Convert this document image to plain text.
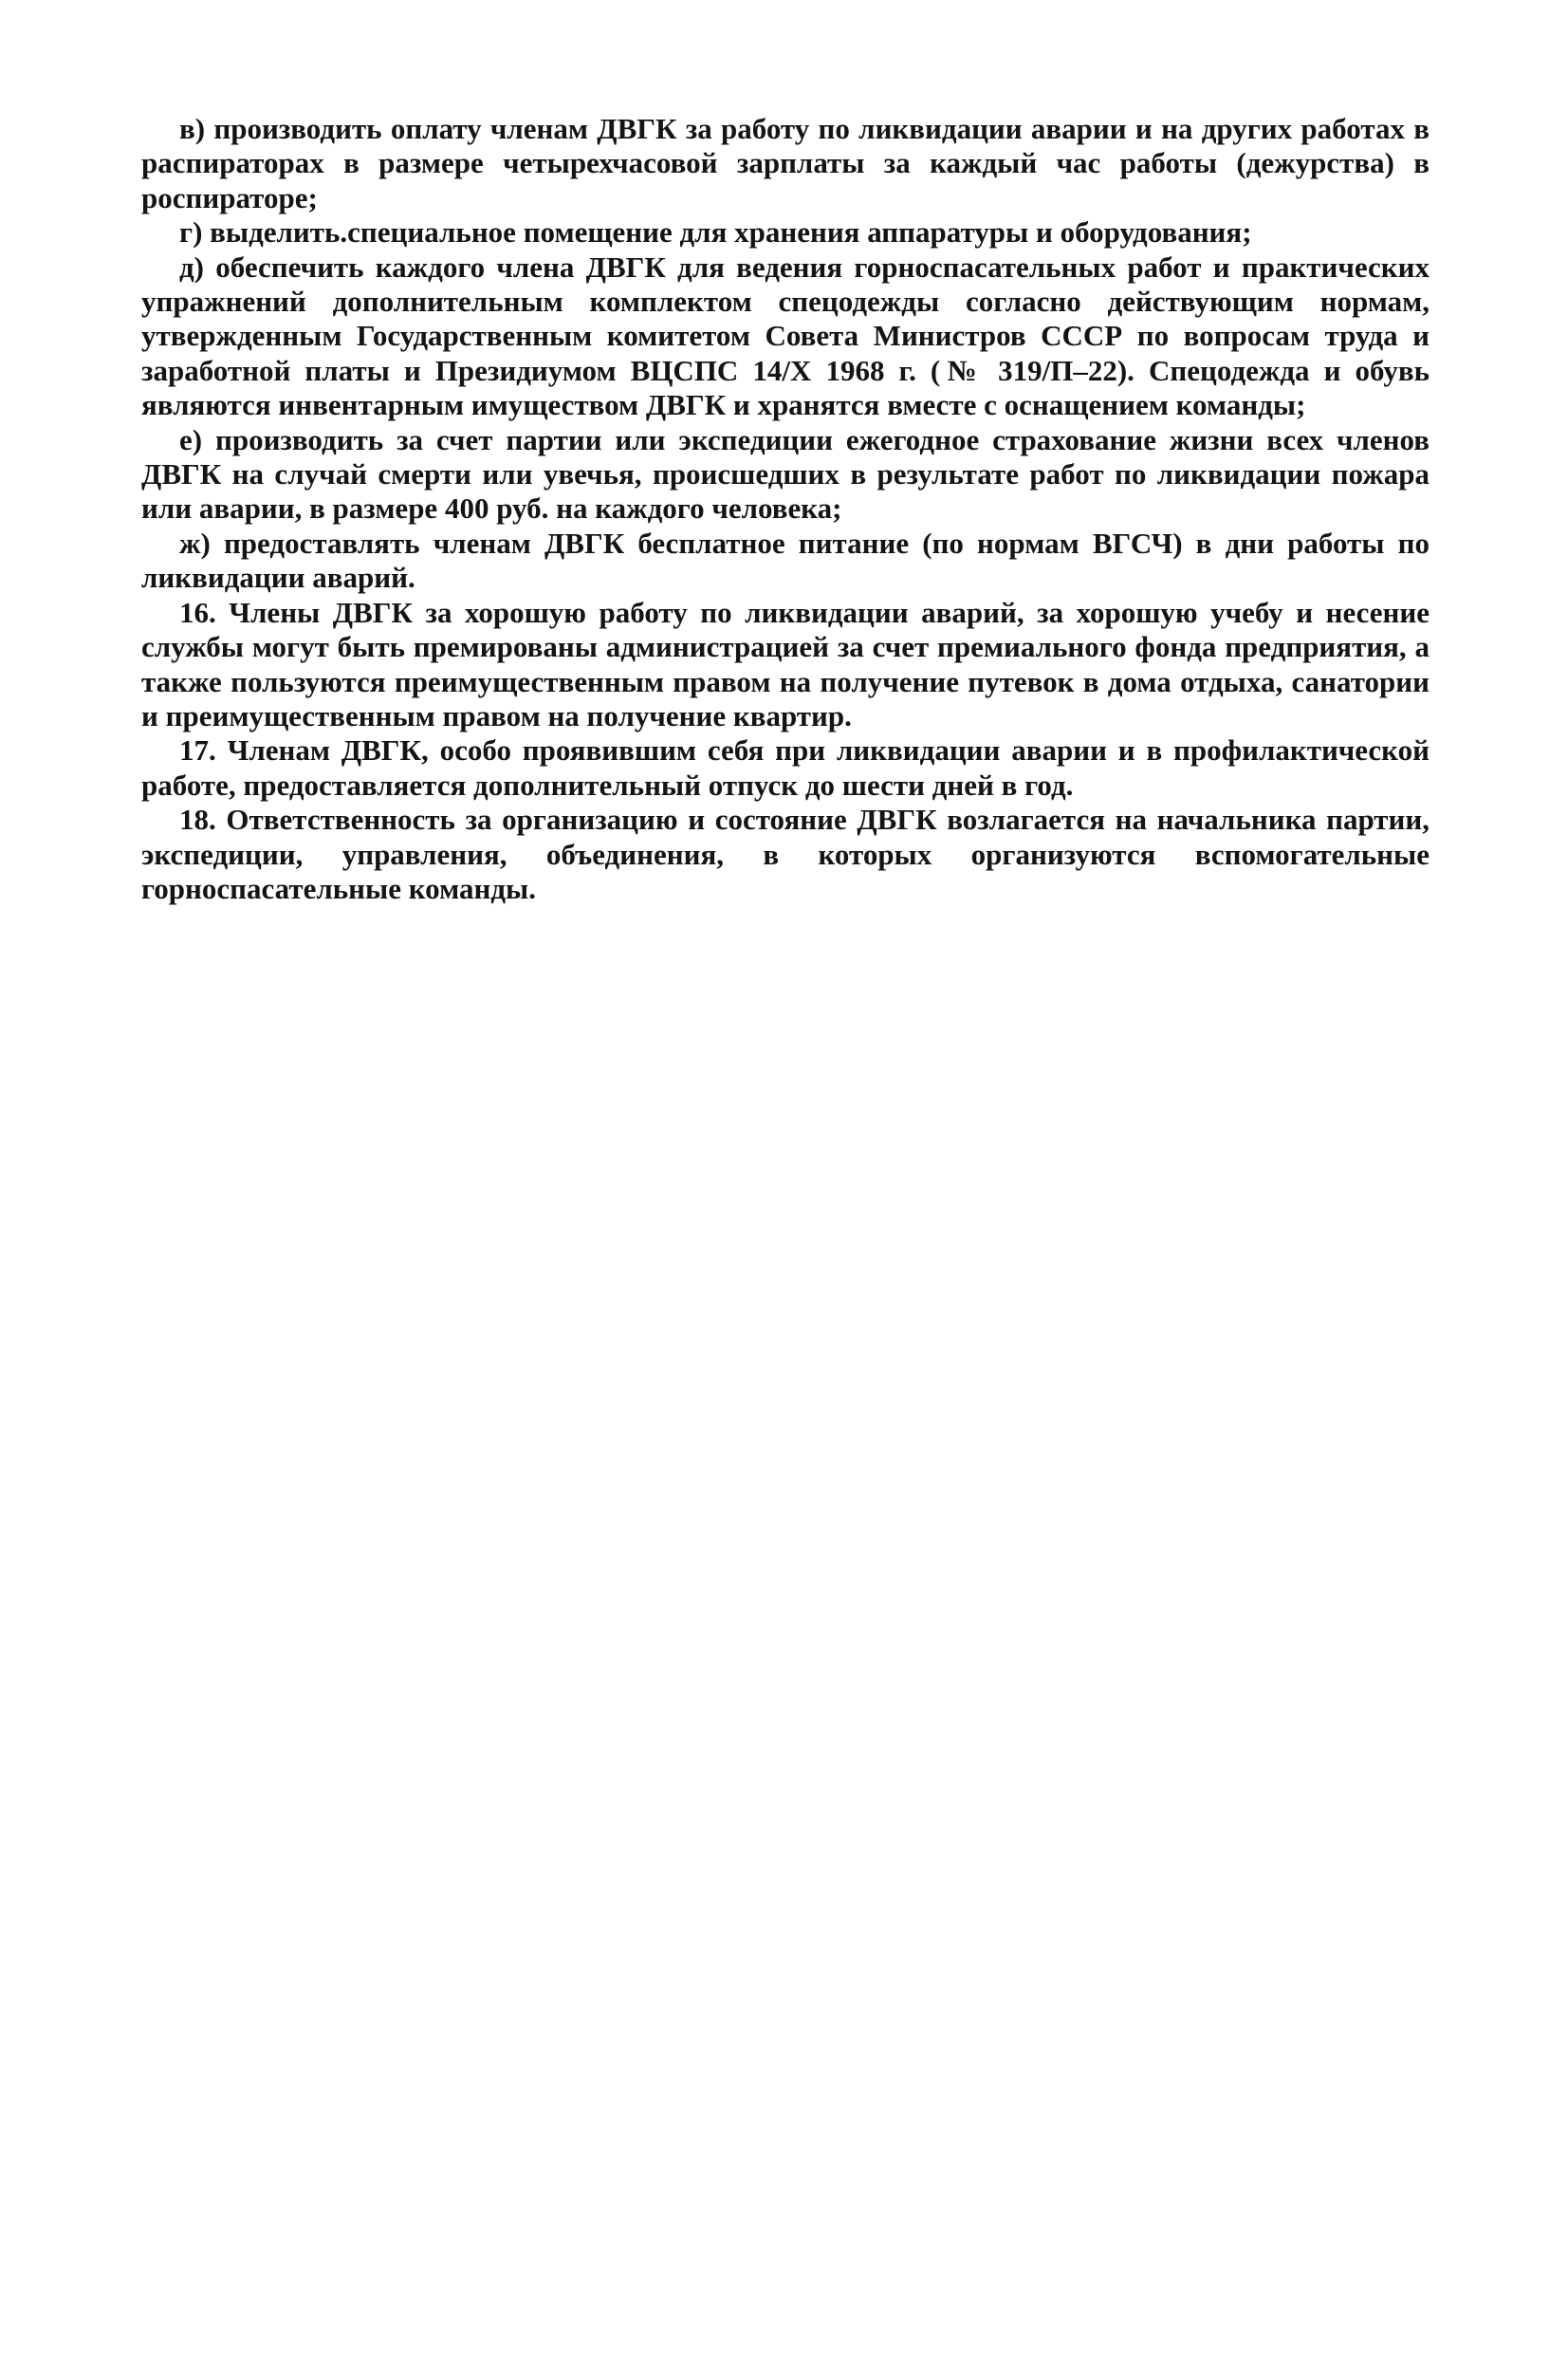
в) производить оплату членам ДВГК за работу по ликвидации аварии и на других работах в распираторах в размере четырехчасовой зарплаты за каждый час работы (дежурства) в роспираторе;

г) выделить.специальное помещение для хранения аппаратуры и оборудования;

д) обеспечить каждого члена ДВГК для ведения горноспасательных работ и практических упражнений дополнительным комплектом спецодежды согласно действующим нормам, утвержденным Государственным комитетом Совета Министров СССР по вопросам труда и заработной платы и Президиумом ВЦСПС 14/X 1968 г. (№ 319/П–22). Спецодежда и обувь являются инвентарным имуществом ДВГК и хранятся вместе с оснащением команды;

е) производить за счет партии или экспедиции ежегодное страхование жизни всех членов ДВГК на случай смерти или увечья, происшедших в результате работ по ликвидации пожара или аварии, в размере 400 руб. на каждого человека;

ж) предоставлять членам ДВГК бесплатное питание (по нормам ВГСЧ) в дни работы по ликвидации аварий.

16. Члены ДВГК за хорошую работу по ликвидации аварий, за хорошую учебу и несение службы могут быть премированы администрацией за счет премиального фонда предприятия, а также пользуются преимущественным правом на получение путевок в дома отдыха, санатории и преимущественным правом на получение квартир.

17. Членам ДВГК, особо проявившим себя при ликвидации аварии и в профилактической работе, предоставляется дополнительный отпуск до шести дней в год.

18. Ответственность за организацию и состояние ДВГК возлагается на начальника партии, экспедиции, управления, объединения, в которых организуются вспомогательные горноспасательные команды.
